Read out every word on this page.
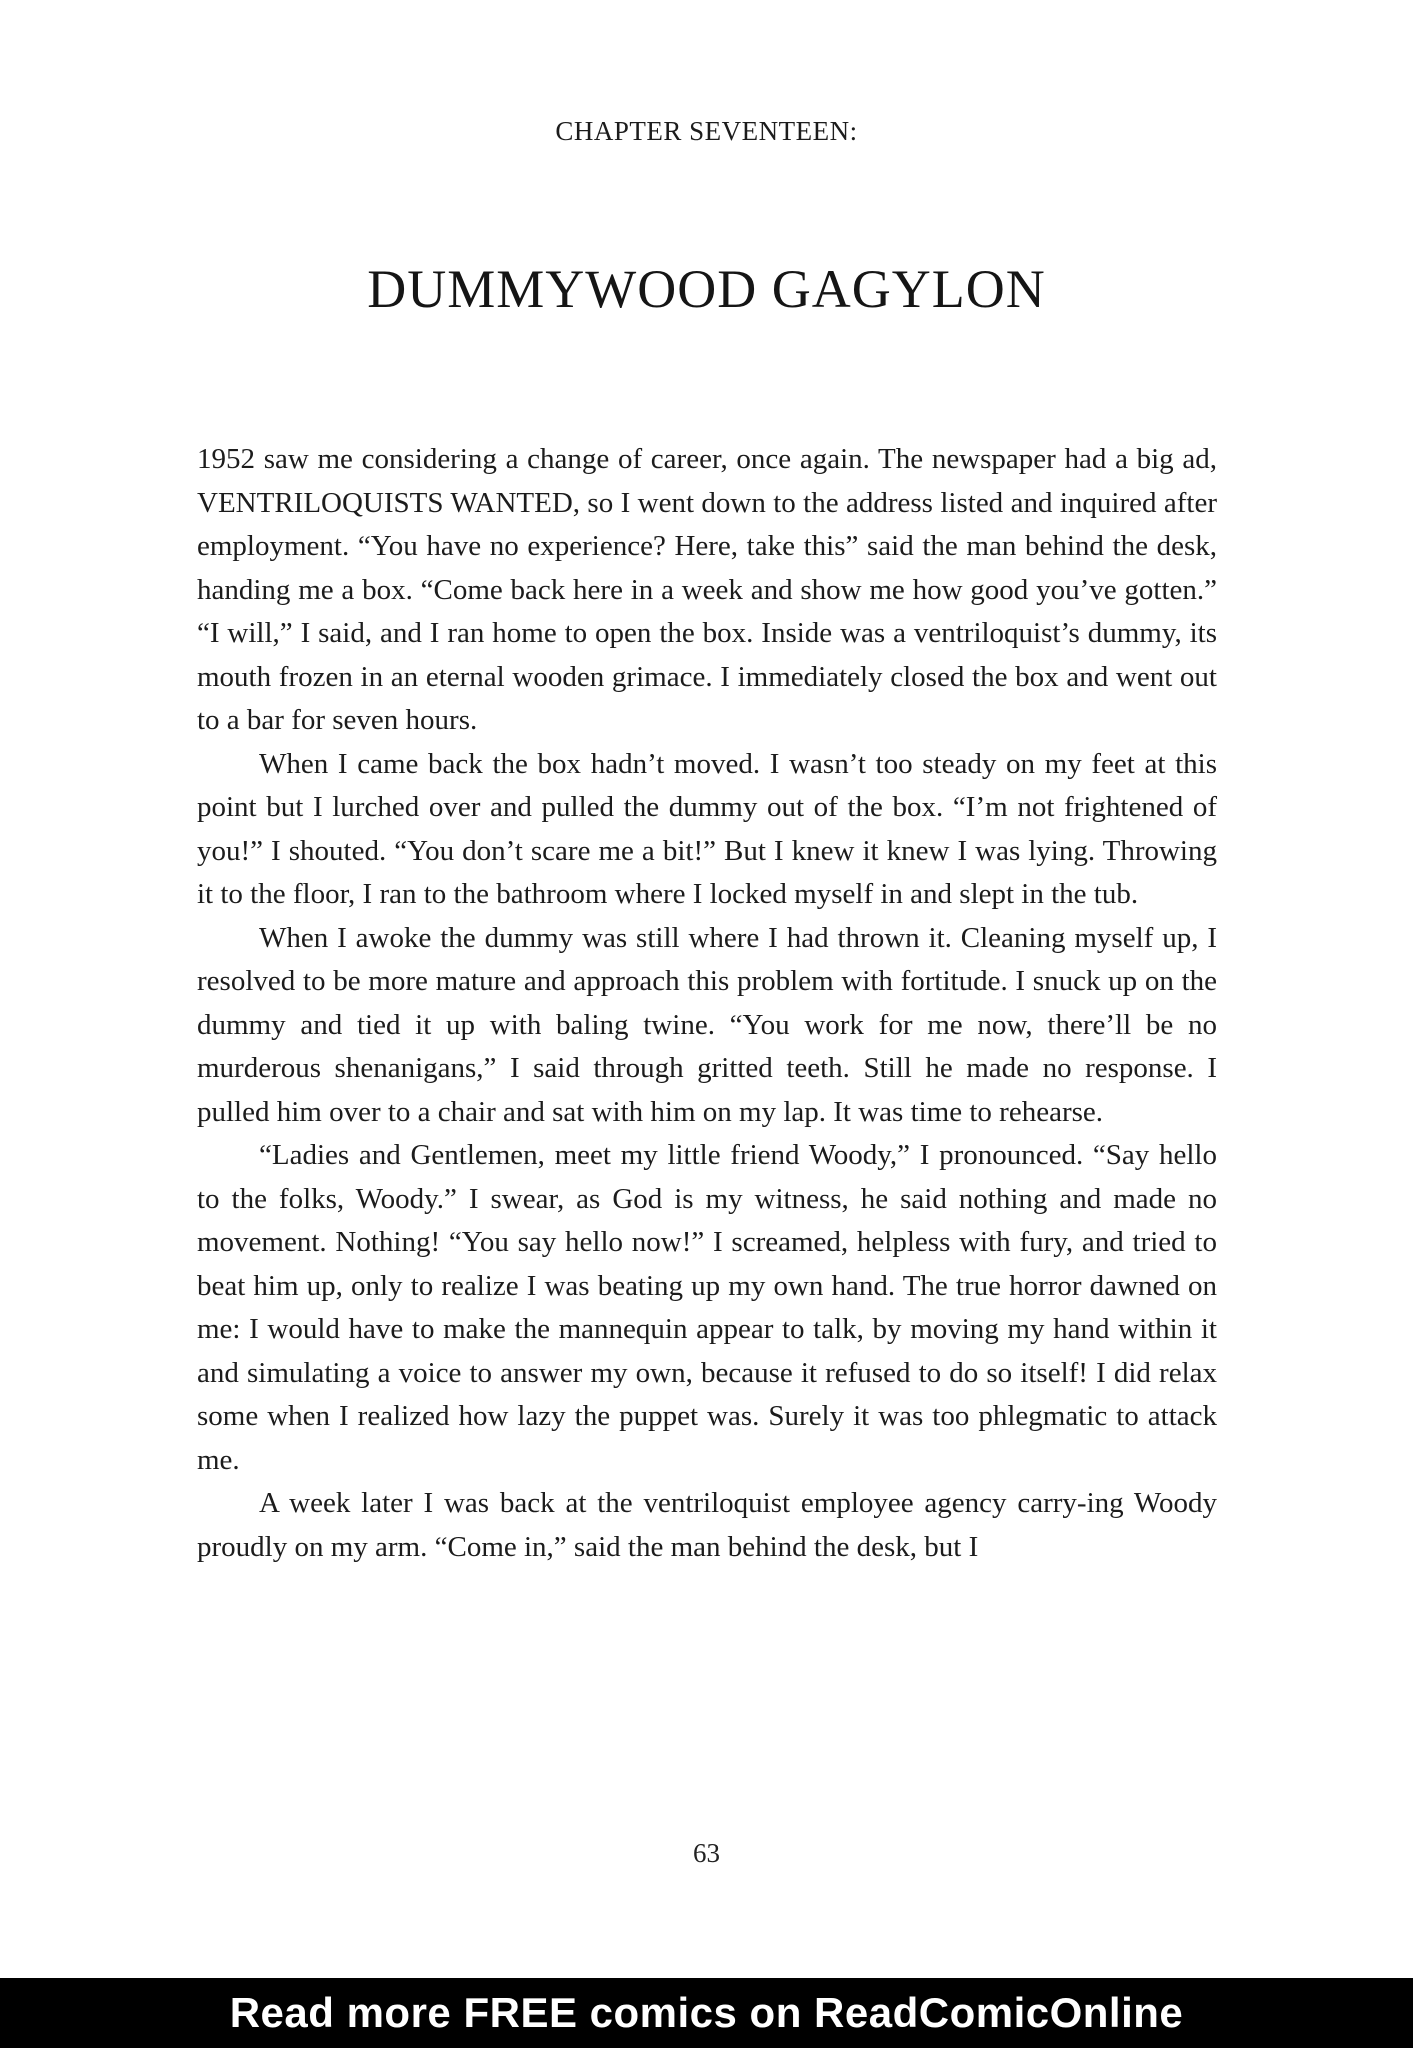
CHAPTER SEVENTEEN:
DUMMYWOOD GAGYLON

1952 saw me considering a change of career, once again. The newspaper had a big ad, VENTRILOQUISTS WANTED, so I went down to the address listed and inquired after employment. “You have no experience? Here, take this” said the man behind the desk, handing me a box. “Come back here in a week and show me how good you’ve gotten.” “I will,” I said, and I ran home to open the box. Inside was a ventriloquist’s dummy, its mouth frozen in an eternal wooden grimace. I immediately closed the box and went out to a bar for seven hours.

When I came back the box hadn’t moved. I wasn’t too steady on my feet at this point but I lurched over and pulled the dummy out of the box. “I’m not frightened of you!” I shouted. “You don’t scare me a bit!” But I knew it knew I was lying. Throwing it to the floor, I ran to the bathroom where I locked myself in and slept in the tub.

When I awoke the dummy was still where I had thrown it. Cleaning myself up, I resolved to be more mature and approach this problem with fortitude. I snuck up on the dummy and tied it up with baling twine. “You work for me now, there’ll be no murderous shenanigans,” I said through gritted teeth. Still he made no response. I pulled him over to a chair and sat with him on my lap. It was time to rehearse.

“Ladies and Gentlemen, meet my little friend Woody,” I pronounced. “Say hello to the folks, Woody.” I swear, as God is my witness, he said nothing and made no movement. Nothing! “You say hello now!” I screamed, helpless with fury, and tried to beat him up, only to realize I was beating up my own hand. The true horror dawned on me: I would have to make the mannequin appear to talk, by moving my hand within it and simulating a voice to answer my own, because it refused to do so itself! I did relax some when I realized how lazy the puppet was. Surely it was too phlegmatic to attack me.

A week later I was back at the ventriloquist employee agency carry-ing Woody proudly on my arm. “Come in,” said the man behind the desk, but I

63
Read more FREE comics on ReadComicOnline
